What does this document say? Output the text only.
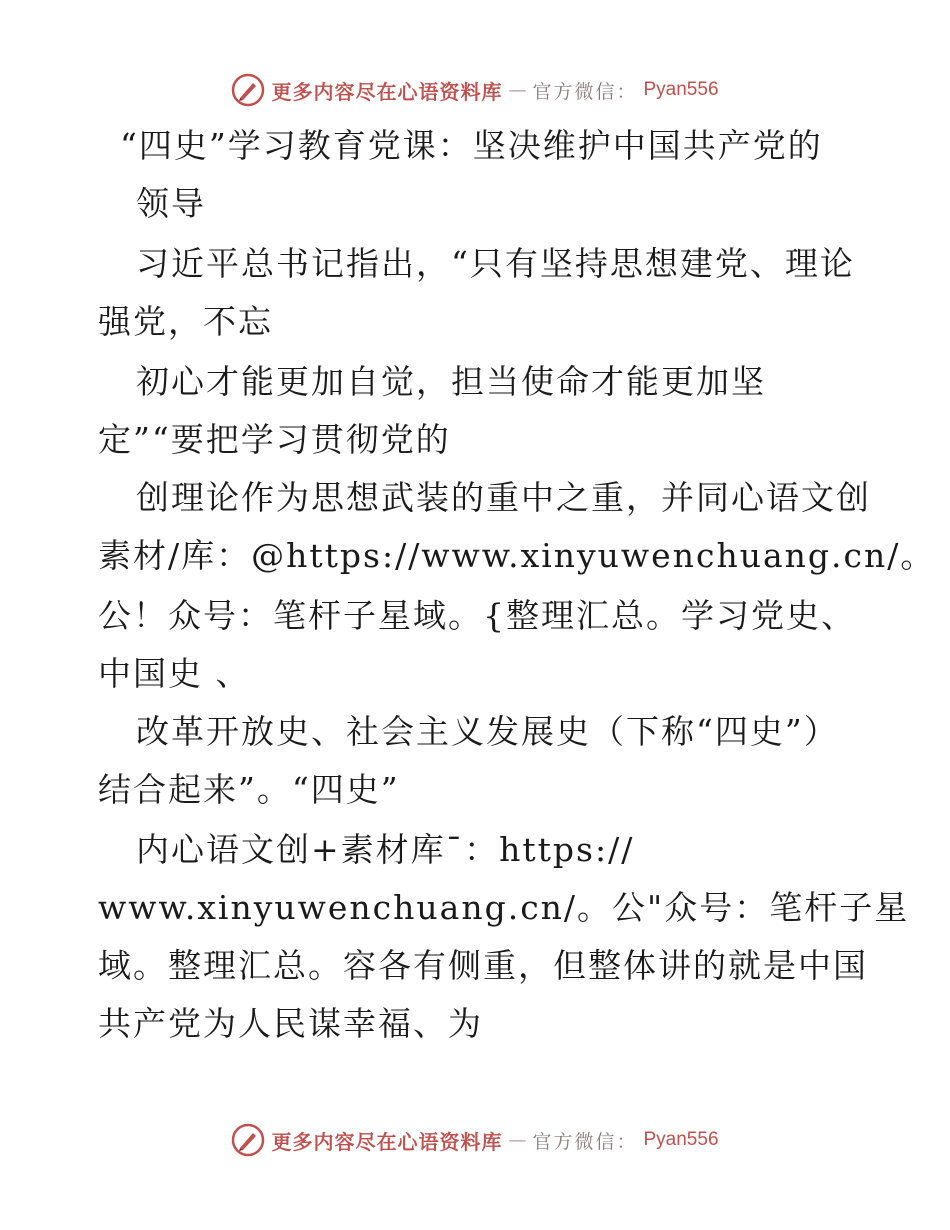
更多内容尽在心语资料库 — 官方微信： Pyan556
“四史”学习教育党课：坚决维护中国共产党的
领导
习近平总书记指出，“只有坚持思想建党、理论
强党，不忘
初心才能更加自觉，担当使命才能更加坚
定”“要把学习贯彻党的
创理论作为思想武装的重中之重，并同心语文创
素材/库：@https://www.xinyuwenchuang.cn/。
公！众号：笔杆子星域。{整理汇总。学习党史、
中国史 、
改革开放史、社会主义发展史（下称“四史”）
结合起来”。“四史”
内心语文创+素材库¯：https://
www.xinyuwenchuang.cn/。公"众号：笔杆子星
域。整理汇总。容各有侧重，但整体讲的就是中国
共产党为人民谋幸福、为
更多内容尽在心语资料库 — 官方微信： Pyan556
